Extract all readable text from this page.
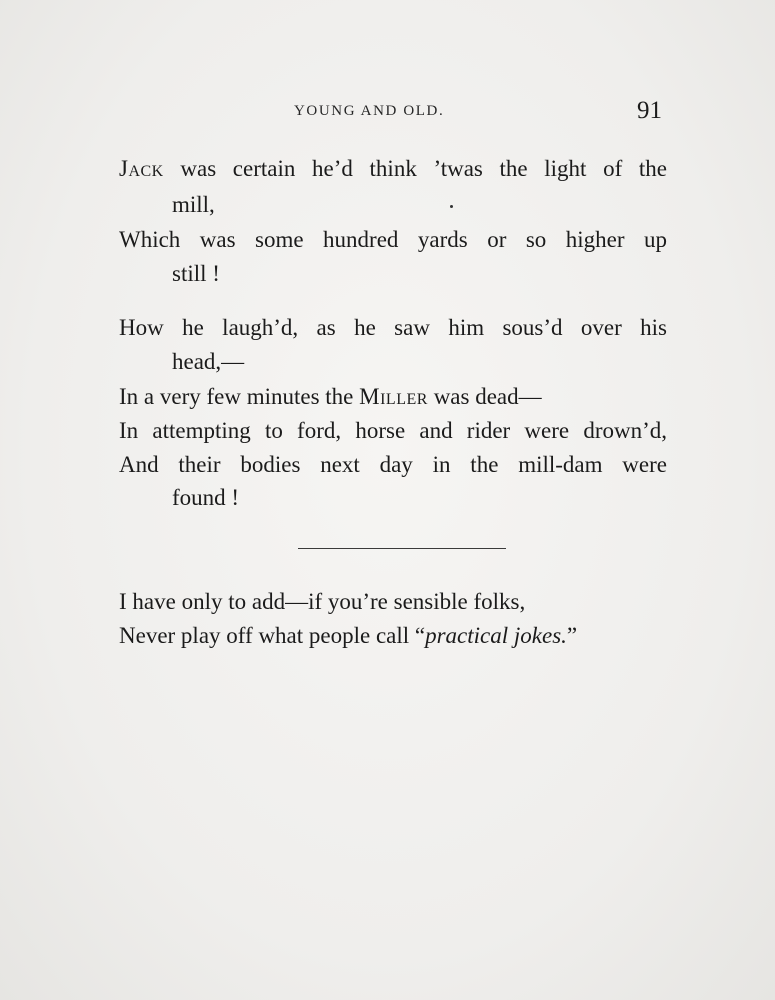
YOUNG AND OLD.	91
Jack was certain he’d think ’twas the light of the
mill,
Which was some hundred yards or so higher up
still !
How he laugh’d, as he saw him sous’d over his
head,—
In a very few minutes the Miller was dead—
In attempting to ford, horse and rider were drown’d,
And their bodies next day in the mill-dam were
found !
I have only to add—if you’re sensible folks,
Never play off what people call “practical jokes.”
